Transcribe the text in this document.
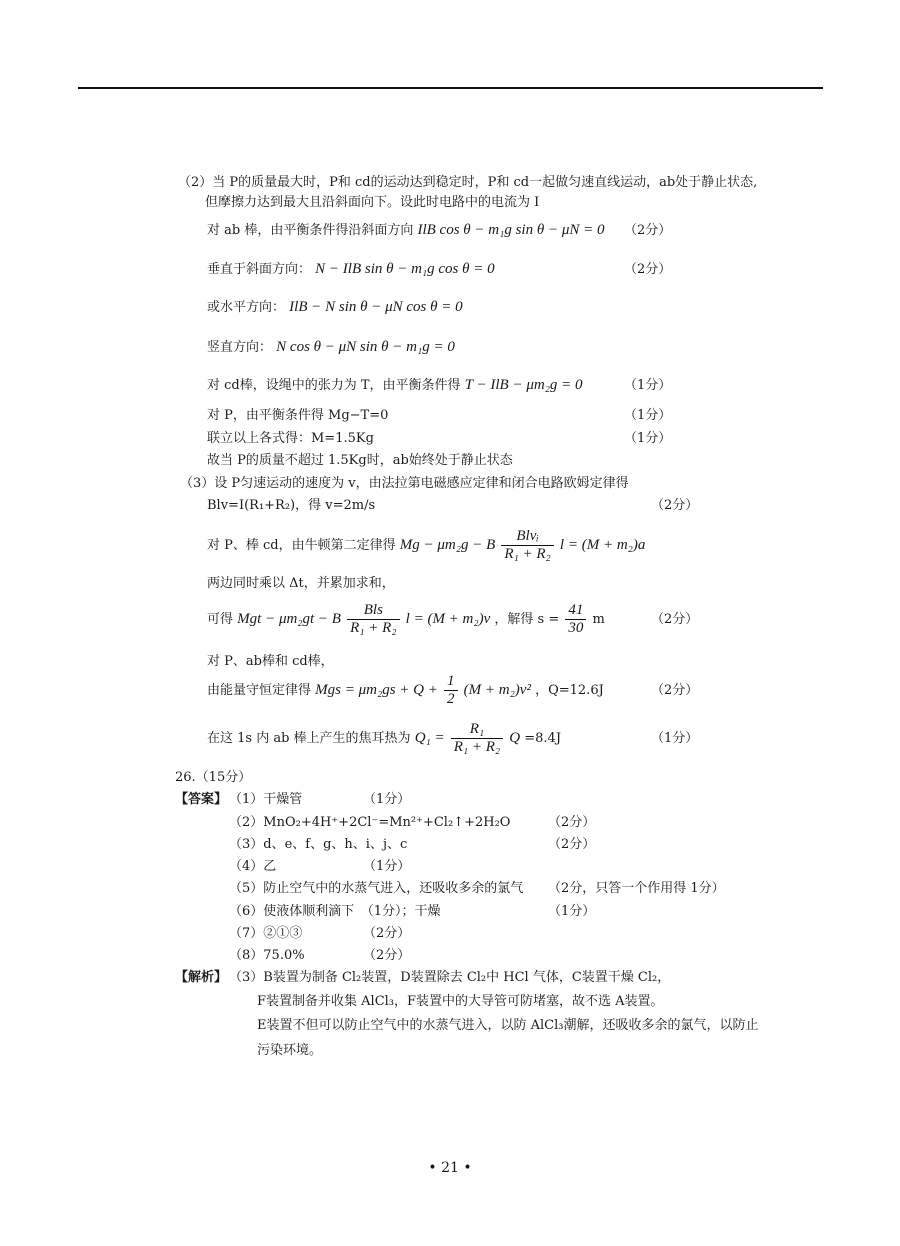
（2）当 P的质量最大时，P和 cd的运动达到稳定时，P和 cd一起做匀速直线运动，ab处于静止状态,
但摩擦力达到最大且沿斜面向下。设此时电路中的电流为 I
对 ab 棒，由平衡条件得沿斜面方向 IlB cos θ − m₁g sin θ − μN = 0 （2分）
垂直于斜面方向： N − IlB sin θ − m₁g cos θ = 0	（2分）
或水平方向： IlB − N sin θ − μN cos θ = 0
竖直方向： N cos θ − μN sin θ − m₁g = 0
对 cd棒，设绳中的张力为 T，由平衡条件得 T − IlB − μm₂g = 0	（1分）
对 P，由平衡条件得 Mg−T=0	（1分）
联立以上各式得：M=1.5Kg	（1分）
故当 P的质量不超过 1.5Kg时，ab始终处于静止状态
（3）设 P匀速运动的速度为 v，由法拉第电磁感应定律和闭合电路欧姆定律得
Blv=I(R₁+R₂)，得 v=2m/s	（2分）
对 P、棒 cd，由牛顿第二定律得 Mg − μm₂g − B $\frac{\text{Blvᵢ}}{\text{R₁ + R₂}}$ l = (M + m₂)a
两边同时乘以 Δt，并累加求和，
可得 Mgt − μm₂gt − B $\frac{\text{Bls}}{\text{R₁ + R₂}}$ l = (M + m₂)v ，解得 $s = \frac{41}{30}$ m	（2分）
对 P、ab棒和 cd棒，
由能量守恒定律得 Mgs = $\mu m_2gs + Q + \frac{1}{2} (M + m_2)v^2$ ，Q=12.6J	（2分）
在这 1s 内 ab 棒上产生的焦耳热为 $Q_1 = \frac{\text{R₁}}{\text{R₁ + R₂}}$ Q =8.4J	（1分）
26.（15分）
【答案】 （1）干燥管	（1分）
（2）MnO₂+4H⁺+2Cl⁻=Mn²⁺+Cl₂↑+2H₂O	（2分）
（3）d、e、f、g、h、i、j、c	（2分）
（4）乙	（1分）
（5）防止空气中的水蒸气进入，还吸收多余的氯气 （2分，只答一个作用得 1分）
（6）使液体顺利滴下　（1分）；干燥	（1分）
（7）②①③	（2分）
（8）75.0%	（2分）
【解析】 （3）B装置为制备 Cl₂装置，D装置除去 Cl₂中 HCl 气体，C装置干燥 Cl₂，
F装置制备并收集 AlCl₃，F装置中的大导管可防堵塞，故不选 A装置。
E装置不但可以防止空气中的水蒸气进入，以防 AlCl₃潮解，还吸收多余的氯气，以防止
污染环境。
• 21 •
